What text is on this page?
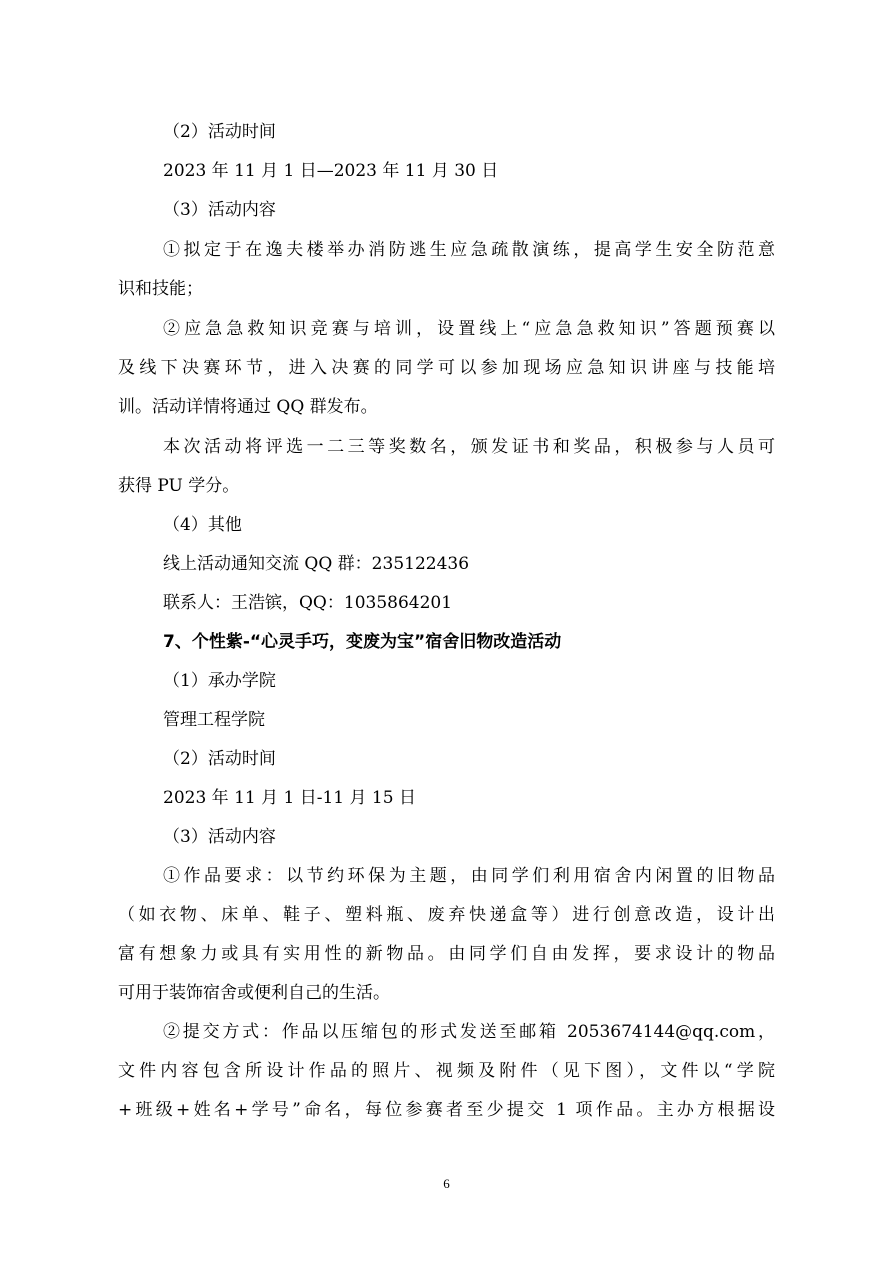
（2）活动时间
2023 年 11 月 1 日—2023 年 11 月 30 日
（3）活动内容
①拟定于在逸夫楼举办消防逃生应急疏散演练，提高学生安全防范意
识和技能；
②应急急救知识竞赛与培训，设置线上“应急急救知识”答题预赛以
及线下决赛环节，进入决赛的同学可以参加现场应急知识讲座与技能培
训。活动详情将通过 QQ 群发布。
本次活动将评选一二三等奖数名，颁发证书和奖品，积极参与人员可
获得 PU 学分。
（4）其他
线上活动通知交流 QQ 群：235122436
联系人：王浩镔，QQ：1035864201
7、个性紫-“心灵手巧，变废为宝”宿舍旧物改造活动
（1）承办学院
管理工程学院
（2）活动时间
2023 年 11 月 1 日-11 月 15 日
（3）活动内容
①作品要求：以节约环保为主题，由同学们利用宿舍内闲置的旧物品
（如衣物、床单、鞋子、塑料瓶、废弃快递盒等）进行创意改造，设计出
富有想象力或具有实用性的新物品。由同学们自由发挥，要求设计的物品
可用于装饰宿舍或便利自己的生活。
②提交方式：作品以压缩包的形式发送至邮箱 2053674144@qq.com，
文件内容包含所设计作品的照片、视频及附件（见下图），文件以“学院
+班级+姓名+学号”命名，每位参赛者至少提交 1 项作品。主办方根据设
6
